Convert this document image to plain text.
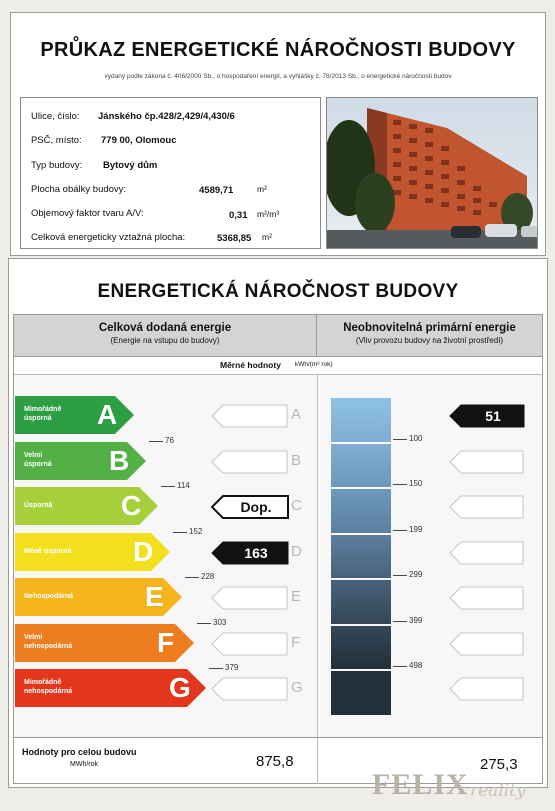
PRŮKAZ ENERGETICKÉ NÁROČNOSTI BUDOVY
vydaný podle zákona č. 406/2000 Sb., o hospodaření energií, a vyhlášky č. 78/2013 Sb., o energetické náročnosti budov
Ulice, číslo: Jánského čp.428/2,429/4,430/6
PSČ, místo: 779 00, Olomouc
Typ budovy: Bytový dům
Plocha obálky budovy:	4589,71	m²
Objemový faktor tvaru A/V:	0,31 m²/m³
Celková energeticky vztažná plocha:	5368,85 m²
ENERGETICKÁ NÁROČNOST BUDOVY
Celková dodaná energie
(Energie na vstupu do budovy)
Neobnovitelná primární energie
(Vliv provozu budovy na životní prostředí)
Měrné hodnoty kWh/(m² rok)
Hodnoty pro celou budovu
MWh/rok	875,8	275,3
Mimořádně
úsporná	A	A
Velmi
úsporná B	B
Úsporná C	C
Méně úsporná D	D
Nehospodárná	E	E
Velmi
nehospodárná	F	F
Mimořádně
nehospodárná	G	G
76
114
152
228
303
379
100
150
199
299
399
498
Dop.
163
51
FELIX reality
